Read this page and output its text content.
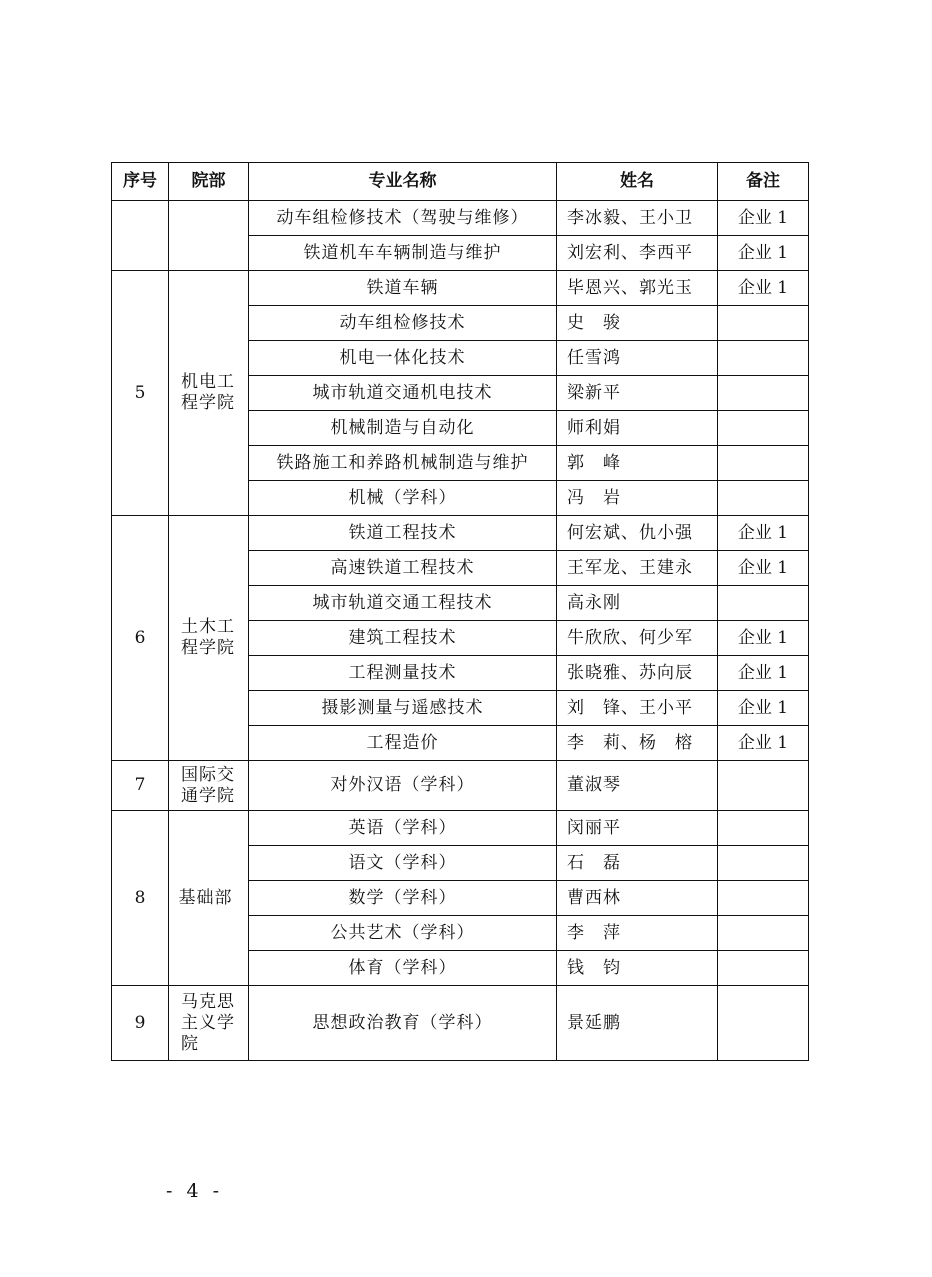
序号	院部	专业名称	姓名	备注
		动车组检修技术（驾驶与维修）	李冰毅、王小卫	企业 1
		铁道机车车辆制造与维护	刘宏利、李西平	企业 1
5	机电工程学院	铁道车辆	毕恩兴、郭光玉	企业 1
		动车组检修技术	史　骏	
		机电一体化技术	任雪鸿	
		城市轨道交通机电技术	梁新平	
		机械制造与自动化	师利娟	
		铁路施工和养路机械制造与维护	郭　峰	
		机械（学科）	冯　岩	
6	土木工程学院	铁道工程技术	何宏斌、仇小强	企业 1
		高速铁道工程技术	王军龙、王建永	企业 1
		城市轨道交通工程技术	高永刚	
		建筑工程技术	牛欣欣、何少军	企业 1
		工程测量技术	张晓雅、苏向辰	企业 1
		摄影测量与遥感技术	刘　锋、王小平	企业 1
		工程造价	李　莉、杨　榕	企业 1
7	国际交通学院	对外汉语（学科）	董淑琴	
8	基础部	英语（学科）	闵丽平	
		语文（学科）	石　磊	
		数学（学科）	曹西林	
		公共艺术（学科）	李　萍	
		体育（学科）	钱　钧	
9	马克思主义学院	思想政治教育（学科）	景延鹏	
- 4 -
